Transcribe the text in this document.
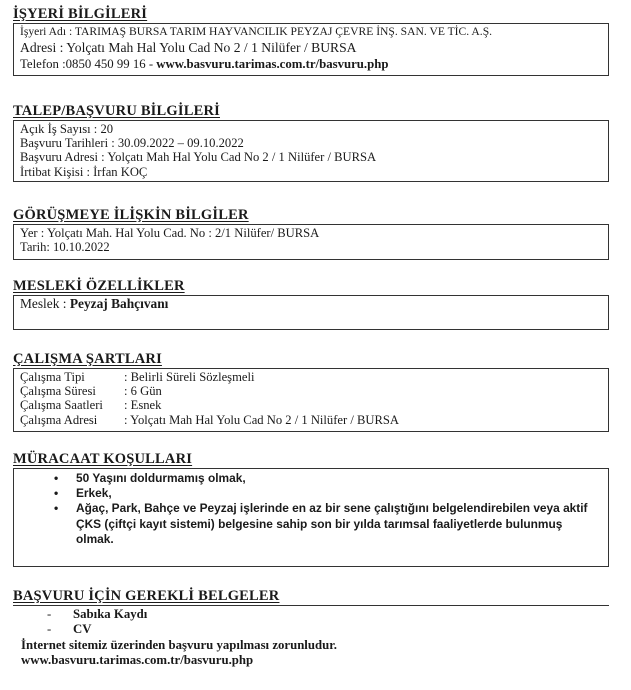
İŞYERİ BİLGİLERİ
İşyeri Adı : TARIMAŞ BURSA TARIM HAYVANCILIK PEYZAJ ÇEVRE İNŞ. SAN. VE TİC. A.Ş.
Adresi : Yolçatı Mah Hal Yolu Cad No 2 / 1 Nilüfer / BURSA
Telefon :0850 450 99 16 - www.basvuru.tarimas.com.tr/basvuru.php
TALEP/BAŞVURU BİLGİLERİ
Açık İş Sayısı : 20
Başvuru Tarihleri : 30.09.2022 – 09.10.2022
Başvuru Adresi : Yolçatı Mah Hal Yolu Cad No 2 / 1 Nilüfer / BURSA
İrtibat Kişisi : İrfan KOÇ
GÖRÜŞMEYE İLİŞKİN BİLGİLER
Yer : Yolçatı Mah. Hal Yolu Cad. No : 2/1 Nilüfer/ BURSA
Tarih: 10.10.2022
MESLEKİ ÖZELLİKLER
Meslek : Peyzaj Bahçıvanı
ÇALIŞMA ŞARTLARI
Çalışma Tipi	: Belirli Süreli Sözleşmeli
Çalışma Süresi : 6 Gün
Çalışma Saatleri : Esnek
Çalışma Adresi : Yolçatı Mah Hal Yolu Cad No 2 / 1 Nilüfer / BURSA
MÜRACAAT KOŞULLARI
• 50 Yaşını doldurmamış olmak,
• Erkek,
• Ağaç, Park, Bahçe ve Peyzaj işlerinde en az bir sene çalıştığını belgelendirebilen veya aktif ÇKS (çiftçi kayıt sistemi) belgesine sahip son bir yılda tarımsal faaliyetlerde bulunmuş olmak.
BAŞVURU İÇİN GEREKLİ BELGELER
- Sabıka Kaydı
- CV
İnternet sitemiz üzerinden başvuru yapılması zorunludur.
www.basvuru.tarimas.com.tr/basvuru.php
